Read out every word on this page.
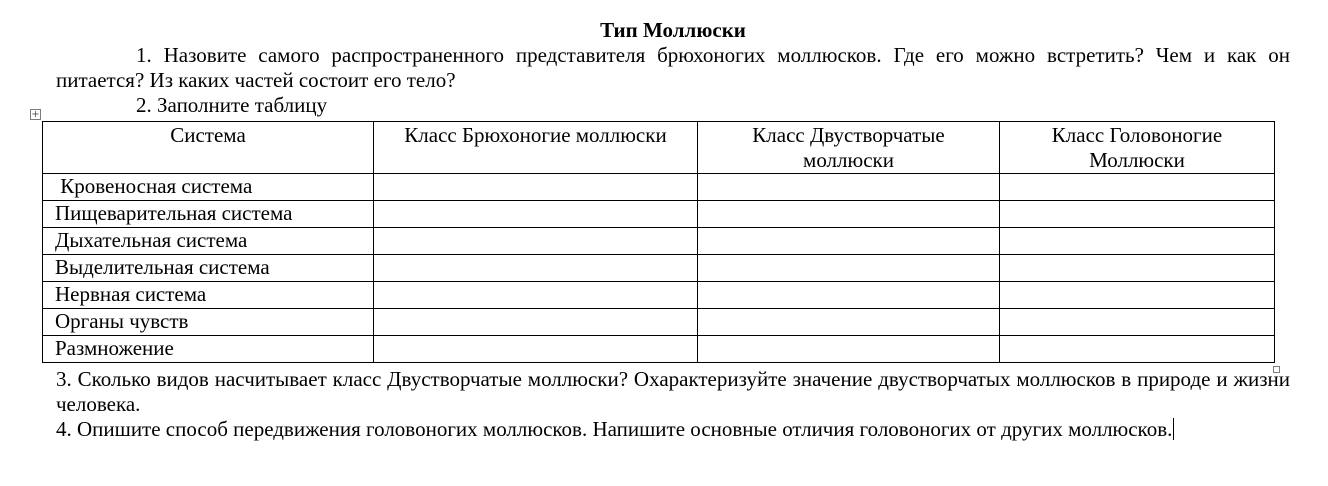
Тип Моллюски

1. Назовите самого распространенного представителя брюхоногих моллюсков. Где его можно встретить? Чем и как он питается? Из каких частей состоит его тело?

2. Заполните таблицу

+
Система	Класс Брюхоногие моллюски	Класс Двустворчатые моллюски	Класс Головоногие Моллюски
Кровеносная система			
Пищеварительная система			
Дыхательная система			
Выделительная система			
Нервная система			
Органы чувств			
Размножение			

3. Сколько видов насчитывает класс Двустворчатые моллюски? Охарактеризуйте значение двустворчатых моллюсков в природе и жизни человека.

4. Опишите способ передвижения головоногих моллюсков. Напишите основные отличия головоногих от других моллюсков.
